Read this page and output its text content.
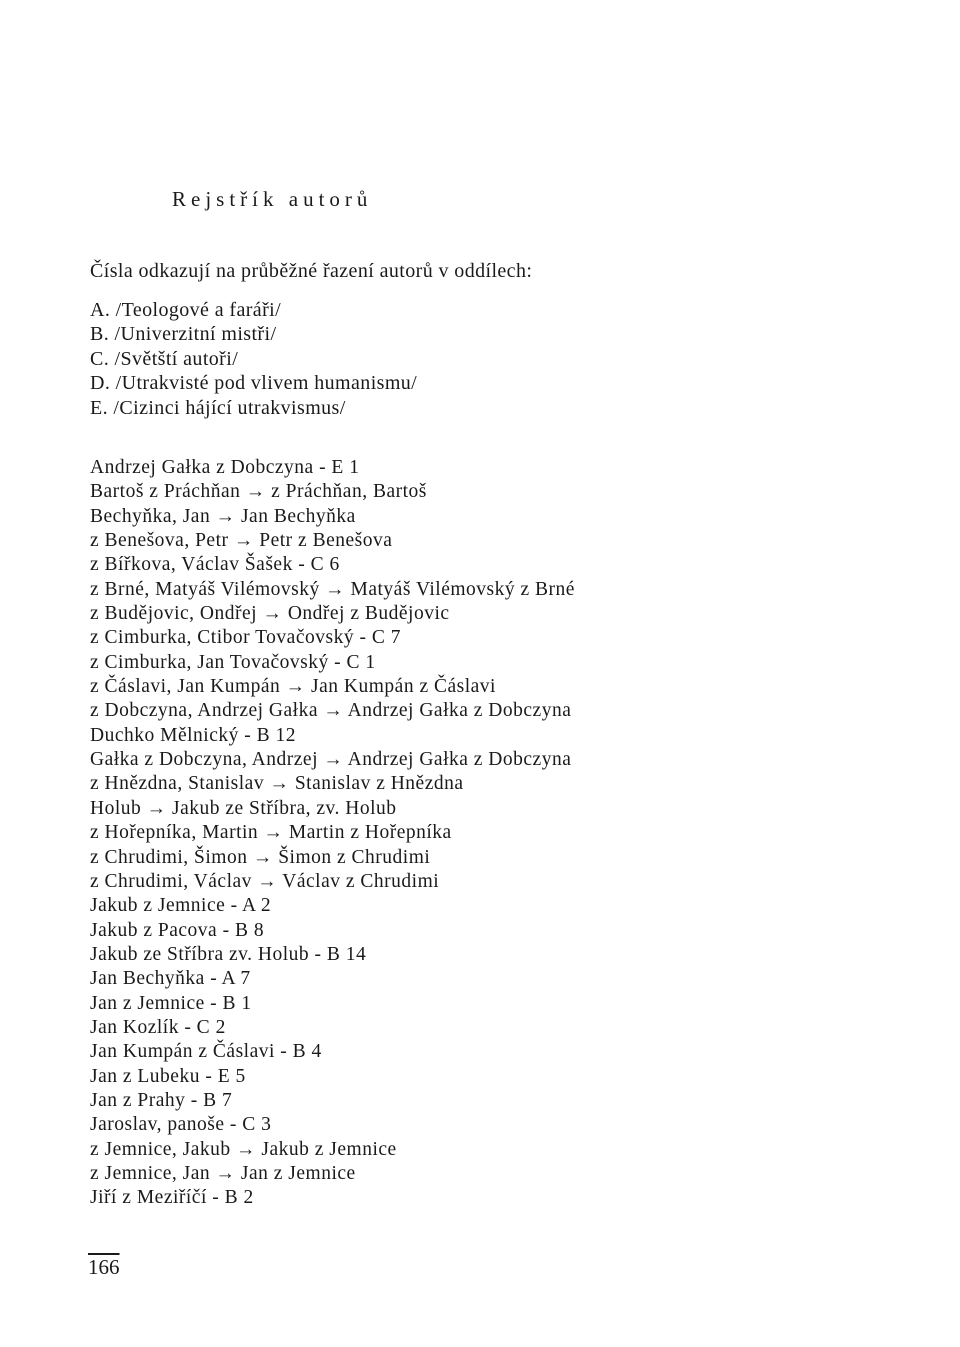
Rejstřík autorů
Čísla odkazují na průběžné řazení autorů v oddílech:
A. /Teologové a faráři/
B. /Univerzitní mistři/
C. /Světští autoři/
D. /Utrakvisté pod vlivem humanismu/
E. /Cizinci hájící utrakvismus/
Andrzej Gałka z Dobczyna - E 1
Bartoš z Práchňan → z Práchňan, Bartoš
Bechyňka, Jan → Jan Bechyňka
z Benešova, Petr → Petr z Benešova
z Bířkova, Václav Šašek - C 6
z Brné, Matyáš Vilémovský → Matyáš Vilémovský z Brné
z Budějovic, Ondřej → Ondřej z Budějovic
z Cimburka, Ctibor Tovačovský - C 7
z Cimburka, Jan Tovačovský - C 1
z Čáslavi, Jan Kumpán → Jan Kumpán z Čáslavi
z Dobczyna, Andrzej Gałka → Andrzej Gałka z Dobczyna
Duchko Mělnický - B 12
Gałka z Dobczyna, Andrzej → Andrzej Gałka z Dobczyna
z Hnězdna, Stanislav → Stanislav z Hnězdna
Holub → Jakub ze Stříbra, zv. Holub
z Hořepníka, Martin → Martin z Hořepníka
z Chrudimi, Šimon → Šimon z Chrudimi
z Chrudimi, Václav → Václav z Chrudimi
Jakub z Jemnice - A 2
Jakub z Pacova - B 8
Jakub ze Stříbra zv. Holub - B 14
Jan Bechyňka - A 7
Jan z Jemnice - B 1
Jan Kozlík - C 2
Jan Kumpán z Čáslavi - B 4
Jan z Lubeku - E 5
Jan z Prahy - B 7
Jaroslav, panoše - C 3
z Jemnice, Jakub → Jakub z Jemnice
z Jemnice, Jan → Jan z Jemnice
Jiří z Meziříčí - B 2
166
